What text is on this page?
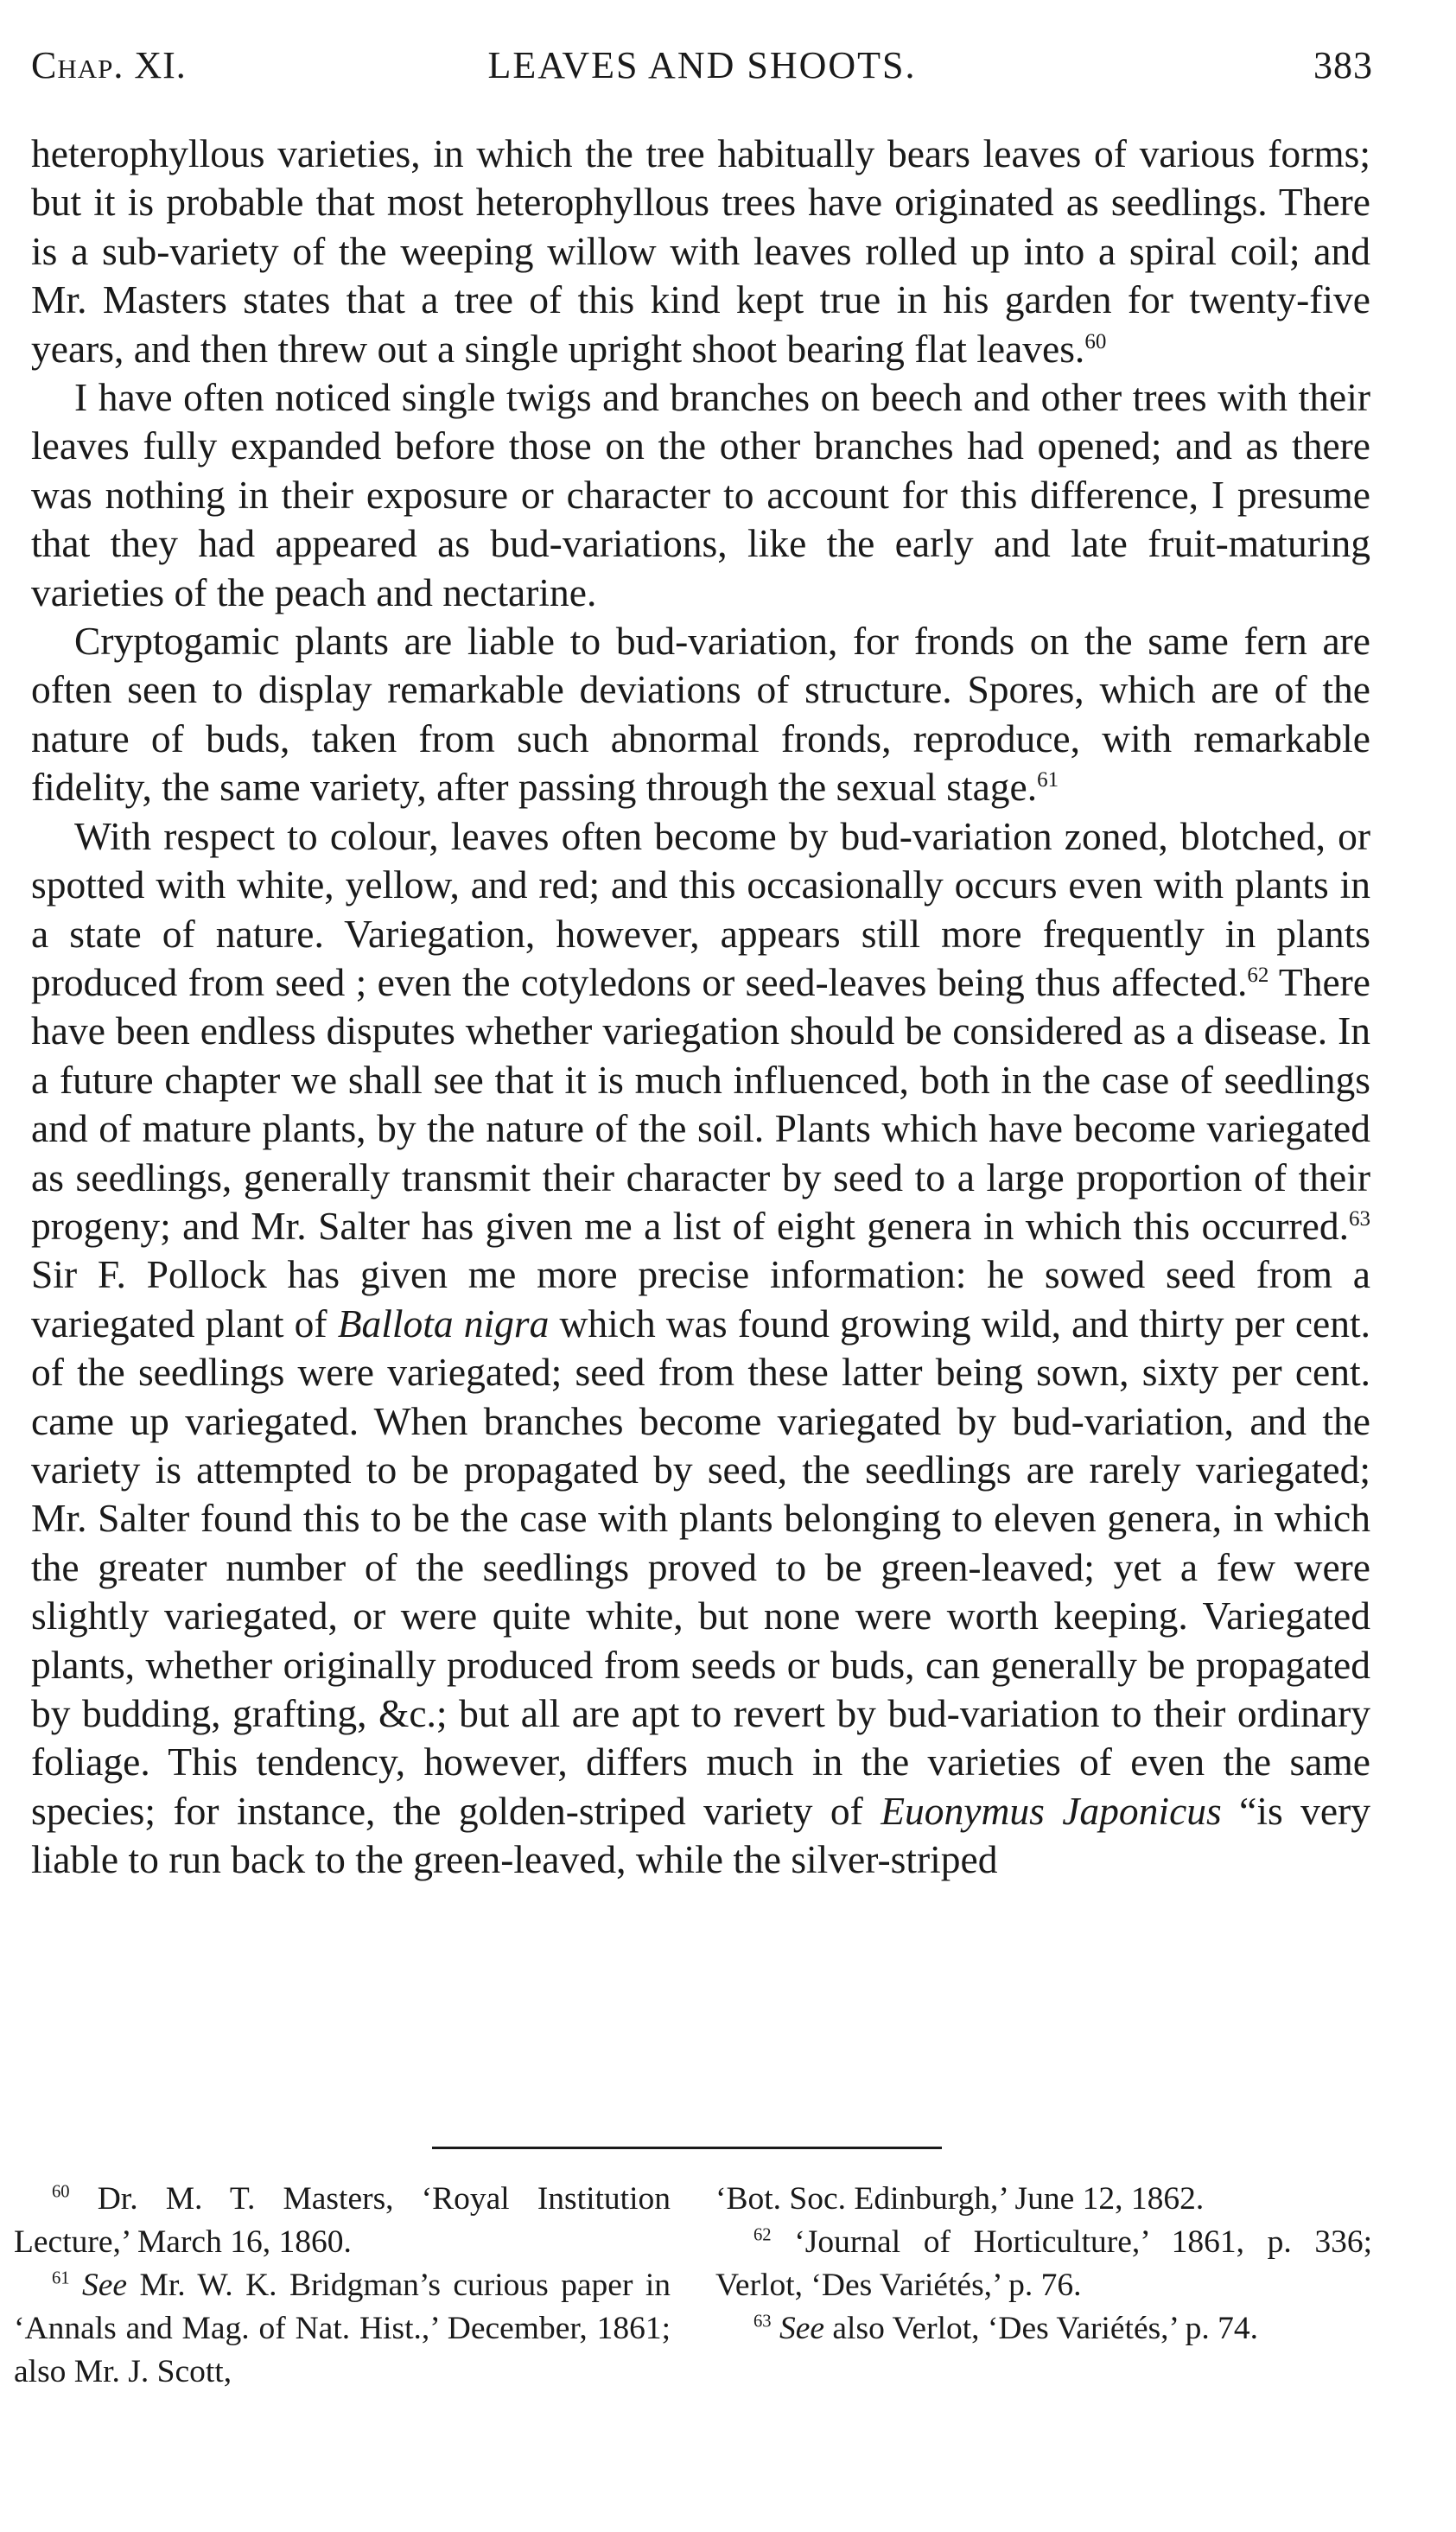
Chap. XI.	LEAVES AND SHOOTS.	383

heterophyllous varieties, in which the tree habitually bears leaves of various forms; but it is probable that most heterophyllous trees have originated as seedlings. There is a sub-variety of the weeping willow with leaves rolled up into a spiral coil; and Mr. Masters states that a tree of this kind kept true in his garden for twenty-five years, and then threw out a single upright shoot bearing flat leaves.$^{60}$

I have often noticed single twigs and branches on beech and other trees with their leaves fully expanded before those on the other branches had opened; and as there was nothing in their exposure or character to account for this difference, I presume that they had appeared as bud-variations, like the early and late fruit-maturing varieties of the peach and nectarine.

Cryptogamic plants are liable to bud-variation, for fronds on the same fern are often seen to display remarkable deviations of structure. Spores, which are of the nature of buds, taken from such abnormal fronds, reproduce, with remarkable fidelity, the same variety, after passing through the sexual stage.$^{61}$

With respect to colour, leaves often become by bud-variation zoned, blotched, or spotted with white, yellow, and red; and this occasionally occurs even with plants in a state of nature. Variegation, however, appears still more frequently in plants produced from seed ; even the cotyledons or seed-leaves being thus affected.$^{62}$ There have been endless disputes whether variegation should be considered as a disease. In a future chapter we shall see that it is much influenced, both in the case of seedlings and of mature plants, by the nature of the soil. Plants which have become variegated as seedlings, generally transmit their character by seed to a large proportion of their progeny; and Mr. Salter has given me a list of eight genera in which this occurred.$^{63}$ Sir F. Pollock has given me more precise information: he sowed seed from a variegated plant of Ballota nigra which was found growing wild, and thirty per cent. of the seedlings were variegated; seed from these latter being sown, sixty per cent. came up variegated. When branches become variegated by bud-variation, and the variety is attempted to be propagated by seed, the seedlings are rarely variegated; Mr. Salter found this to be the case with plants belonging to eleven genera, in which the greater number of the seedlings proved to be green-leaved; yet a few were slightly variegated, or were quite white, but none were worth keeping. Variegated plants, whether originally produced from seeds or buds, can generally be propagated by budding, grafting, &c.; but all are apt to revert by bud-variation to their ordinary foliage. This tendency, however, differs much in the varieties of even the same species; for instance, the golden-striped variety of Euonymus Japonicus “is very liable to run back to the green-leaved, while the silver-striped

$^{60}$ Dr. M. T. Masters, ‘Royal Institution Lecture,’ March 16, 1860.

$^{61}$ See Mr. W. K. Bridgman’s curious paper in ‘Annals and Mag. of Nat. Hist.,’ December, 1861; also Mr. J. Scott,

‘Bot. Soc. Edinburgh,’ June 12, 1862.

$^{62}$ ‘Journal of Horticulture,’ 1861, p. 336; Verlot, ‘Des Variétés,’ p. 76.

$^{63}$ See also Verlot, ‘Des Variétés,’ p. 74.
